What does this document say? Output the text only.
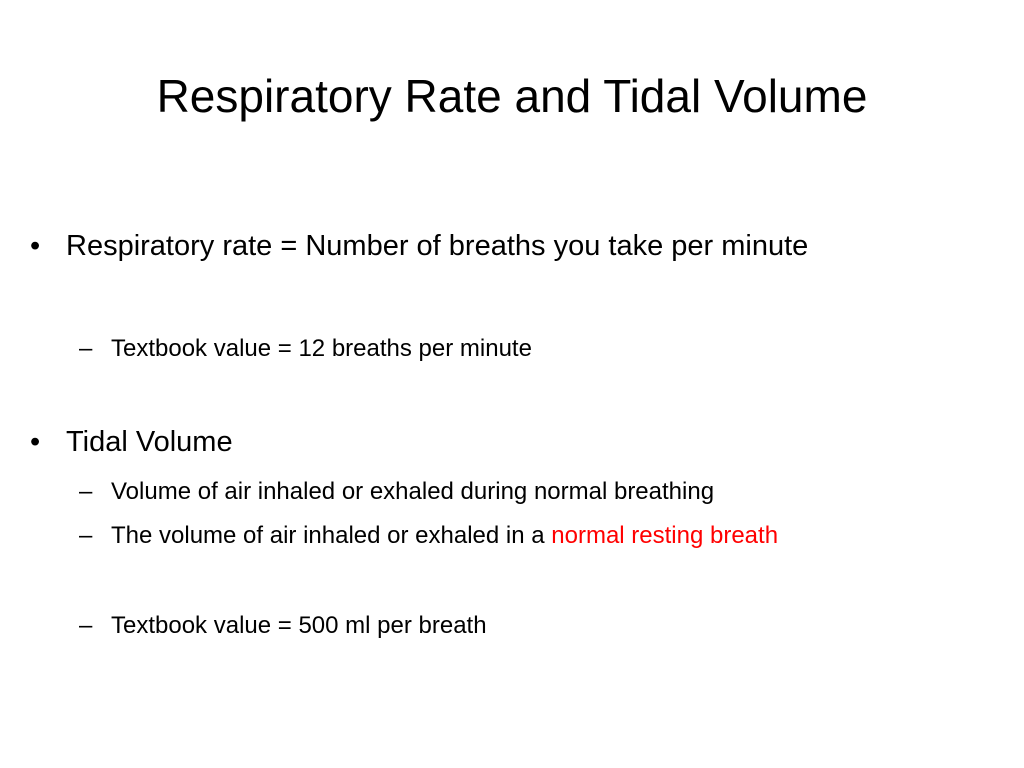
Respiratory Rate and Tidal Volume
• Respiratory rate = Number of breaths you take per minute
– Textbook value = 12 breaths per minute
• Tidal Volume
– Volume of air inhaled or exhaled during normal breathing
– The volume of air inhaled or exhaled in a normal resting breath
– Textbook value = 500 ml per breath
